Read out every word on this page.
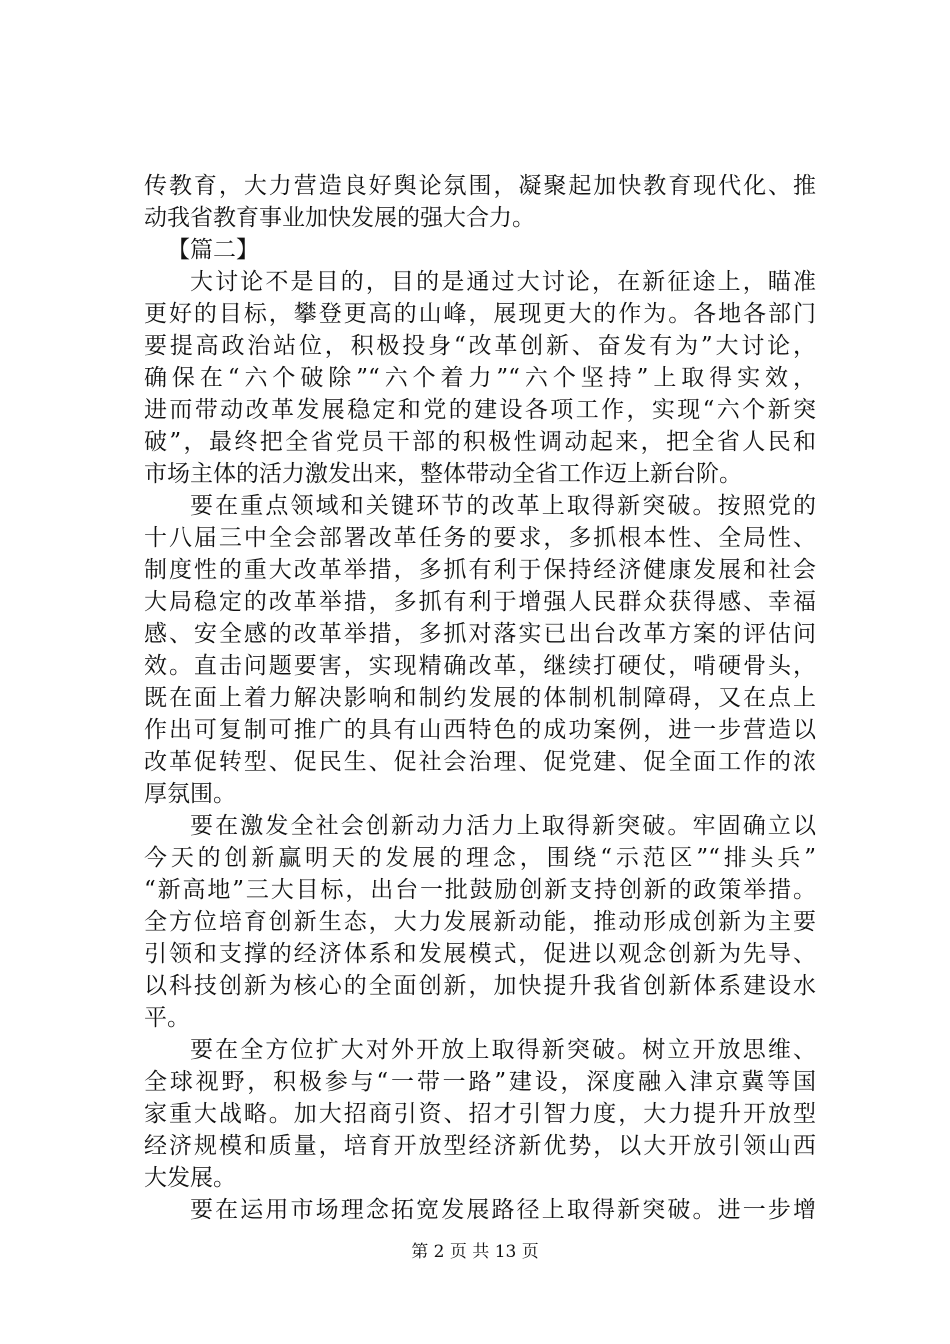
传教育，大力营造良好舆论氛围，凝聚起加快教育现代化、推
动我省教育事业加快发展的强大合力。
【篇二】
大讨论不是目的，目的是通过大讨论，在新征途上，瞄准
更好的目标，攀登更高的山峰，展现更大的作为。各地各部门
要提高政治站位，积极投身“改革创新、奋发有为”大讨论，
确保在“六个破除”“六个着力”“六个坚持”上取得实效，
进而带动改革发展稳定和党的建设各项工作，实现“六个新突
破”，最终把全省党员干部的积极性调动起来，把全省人民和
市场主体的活力激发出来，整体带动全省工作迈上新台阶。
要在重点领域和关键环节的改革上取得新突破。按照党的
十八届三中全会部署改革任务的要求，多抓根本性、全局性、
制度性的重大改革举措，多抓有利于保持经济健康发展和社会
大局稳定的改革举措，多抓有利于增强人民群众获得感、幸福
感、安全感的改革举措，多抓对落实已出台改革方案的评估问
效。直击问题要害，实现精确改革，继续打硬仗，啃硬骨头，
既在面上着力解决影响和制约发展的体制机制障碍，又在点上
作出可复制可推广的具有山西特色的成功案例，进一步营造以
改革促转型、促民生、促社会治理、促党建、促全面工作的浓
厚氛围。
要在激发全社会创新动力活力上取得新突破。牢固确立以
今天的创新赢明天的发展的理念，围绕“示范区”“排头兵”
“新高地”三大目标，出台一批鼓励创新支持创新的政策举措。
全方位培育创新生态，大力发展新动能，推动形成创新为主要
引领和支撑的经济体系和发展模式，促进以观念创新为先导、
以科技创新为核心的全面创新，加快提升我省创新体系建设水
平。
要在全方位扩大对外开放上取得新突破。树立开放思维、
全球视野，积极参与“一带一路”建设，深度融入津京冀等国
家重大战略。加大招商引资、招才引智力度，大力提升开放型
经济规模和质量，培育开放型经济新优势，以大开放引领山西
大发展。
要在运用市场理念拓宽发展路径上取得新突破。进一步增
第 2 页 共 13 页
